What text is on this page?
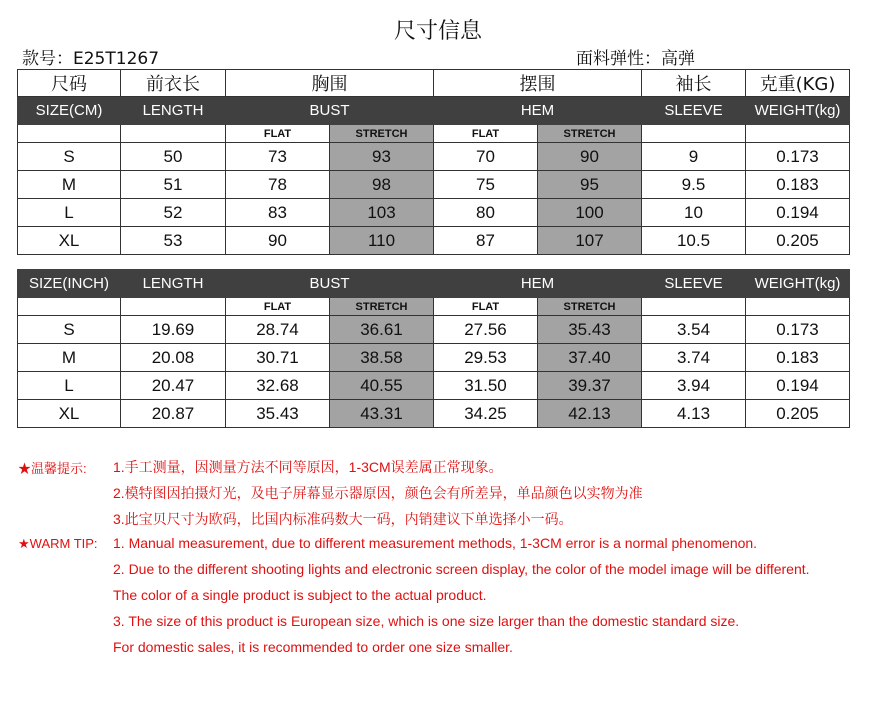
尺寸信息
款号：E25T1267	面料弹性：高弹
尺码	前衣长	胸围		摆围		袖长	克重(KG)
SIZE(CM)	LENGTH	BUST		HEM		SLEEVE	WEIGHT(kg)
		FLAT	STRETCH	FLAT	STRETCH		
S	50	73	93	70	90	9	0.173
M	51	78	98	75	95	9.5	0.183
L	52	83	103	80	100	10	0.194
XL	53	90	110	87	107	10.5	0.205
SIZE(INCH)	LENGTH	BUST		HEM		SLEEVE	WEIGHT(kg)
		FLAT	STRETCH	FLAT	STRETCH		
S	19.69	28.74	36.61	27.56	35.43	3.54	0.173
M	20.08	30.71	38.58	29.53	37.40	3.74	0.183
L	20.47	32.68	40.55	31.50	39.37	3.94	0.194
XL	20.87	35.43	43.31	34.25	42.13	4.13	0.205
★温馨提示: 1.手工测量，因测量方法不同等原因，1-3CM误差属正常现象。
2.模特图因拍摄灯光，及电子屏幕显示器原因，颜色会有所差异，单品颜色以实物为准
3.此宝贝尺寸为欧码，比国内标准码数大一码，内销建议下单选择小一码。
★WARM TIP: 1. Manual measurement, due to different measurement methods, 1-3CM error is a normal phenomenon.
2. Due to the different shooting lights and electronic screen display, the color of the model image will be different.
The color of a single product is subject to the actual product.
3. The size of this product is European size, which is one size larger than the domestic standard size.
For domestic sales, it is recommended to order one size smaller.
